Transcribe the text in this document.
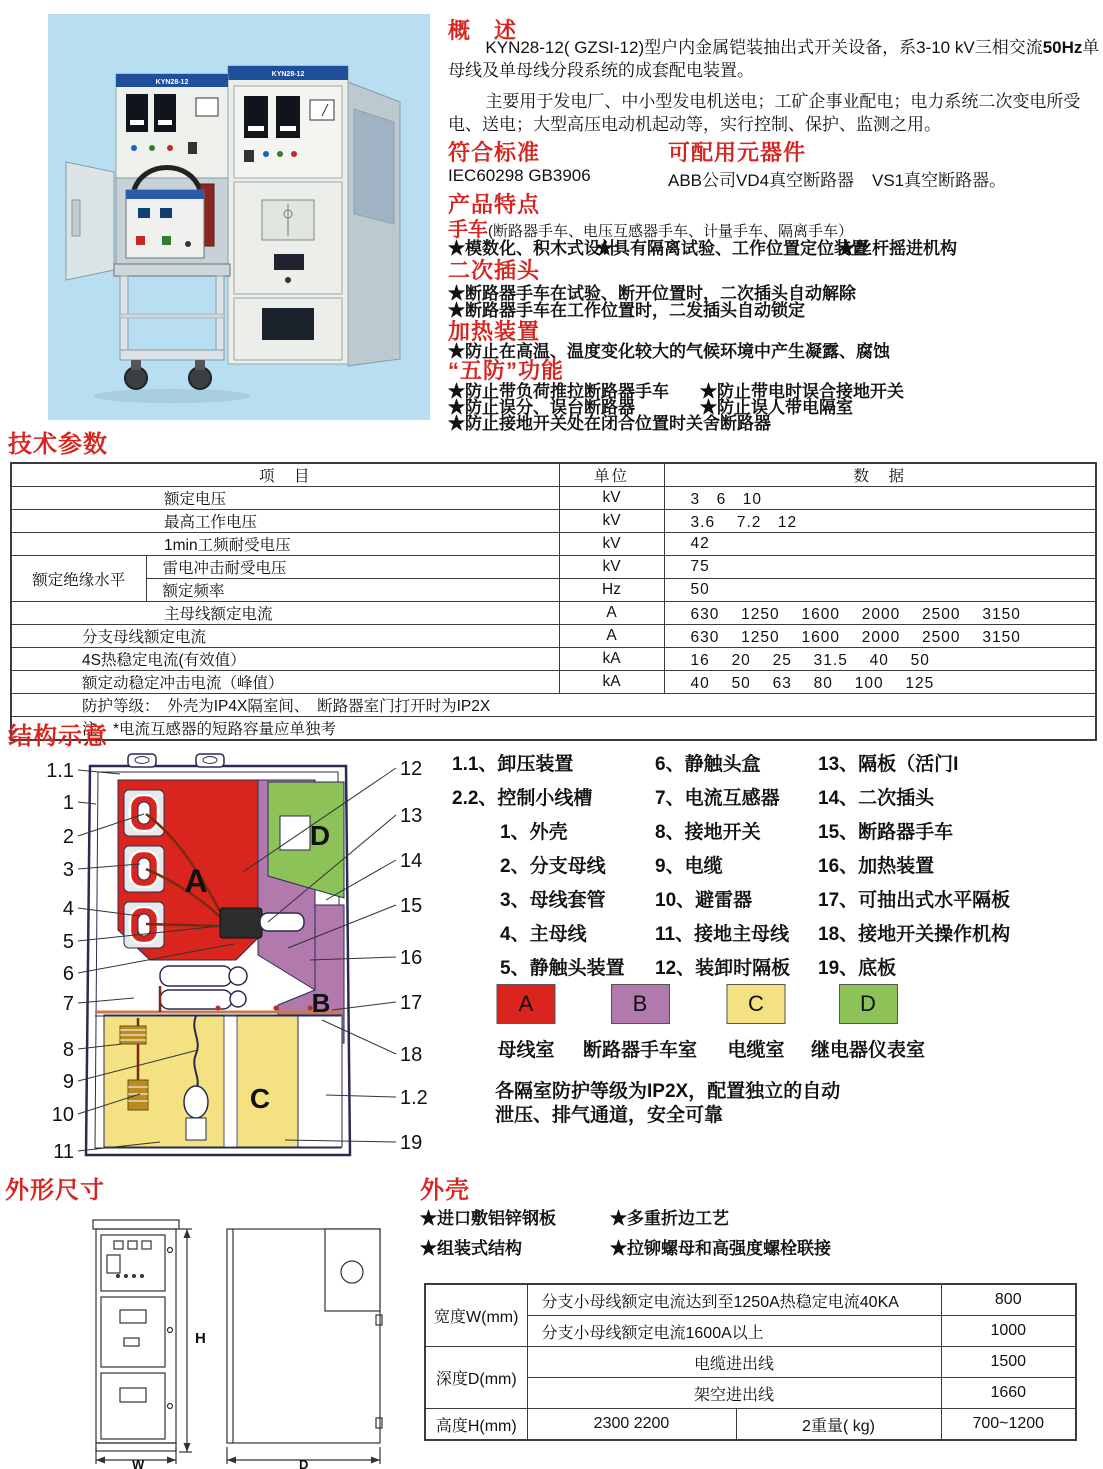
KYN28-12
KYN28-12
概　述

KYN28-12( GZSI-12)型户内金属铠装抽出式开关设备，系3-10 kV三相交流50Hz单母线及单母线分段系统的成套配电装置。

主要用于发电厂、中小型发电机送电；工矿企事业配电；电力系统二次变电所受电、送电；大型高压电动机起动等，实行控制、保护、监测之用。

符合标准	可配用元器件
IEC60298 GB3906	ABB公司VD4真空断路器 VS1真空断路器。
产品特点
手车(断路器手车、电压互感器手车、计量手车、隔离手车）
★模数化、积木式设计
★具有隔离试验、工作位置定位装置
★丝杆摇进机构
二次插头
★断路器手车在试验、断开位置时，二次插头自动解除
★断路器手车在工作位置时，二发插头自动锁定
加热装置
★防止在高温、温度变化较大的气候环境中产生凝露、腐蚀
“五防”功能
★防止带负荷推拉断路器手车 ★防止带电时误合接地开关
★防止误分、误台断路器	★防止误人带电隔室
★防止接地开关处在闭合位置时关舍断路器
技术参数
项　目		单位	数　据
额定电压		kV	3　6　10
最高工作电压		kV	3.6　 7.2　12
1min工频耐受电压		kV	42
额定绝缘水平	雷电冲击耐受电压	kV	75
	额定频率	Hz	50
主母线额定电流		A	630　 1250　 1600　 2000　 2500　 3150
分支母线额定电流		A	630　 1250　 1600　 2000　 2500　 3150
4S热稳定电流(有效值）		kA	16　 20　 25　 31.5　 40　 50
额定动稳定冲击电流（峰值）		kA	40　 50　 63　 80　 100　 125
防护等级：　外壳为IP4X隔室间、　断路器室门打开时为IP2X			
注：*电流互感器的短路容量应单独考			
结构示意
A
B
C
D
1.1
1
2
3
4
5
6
7
8
9
10
11
12
13
14
15
16
17
18
1.2
19
1.1、卸压装置
2.2、控制小线槽
1、外壳
2、分支母线
3、母线套管
4、主母线
5、静触头装置
6、静触头盒
7、电流互感器
8、接地开关
9、电缆
10、避雷器
11、接地主母线
12、装卸时隔板
13、隔板（活门I
14、二次插头
15、断路器手车
16、加热装置
17、可抽出式水平隔板
18、接地开关操作机构
19、底板
A
母线室
B
断路器手车室
C
电缆室
D
继电器仪表室
各隔室防护等级为IP2X，配置独立的自动
泄压、排气通道，安全可靠
外形尺寸	外壳
★进口敷铝锌钢板	★多重折边工艺
★组装式结构	★拉铆螺母和高强度螺栓联接
宽度W(mm)	分支小母线额定电流达到至1250A热稳定电流40KA		800
	分支小母线额定电流1600A以上		1000
深度D(mm)	电缆进出线		1500
	架空进出线		1660
高度H(mm)	2300 2200	2重量( kg)	700~1200
H
W	D
